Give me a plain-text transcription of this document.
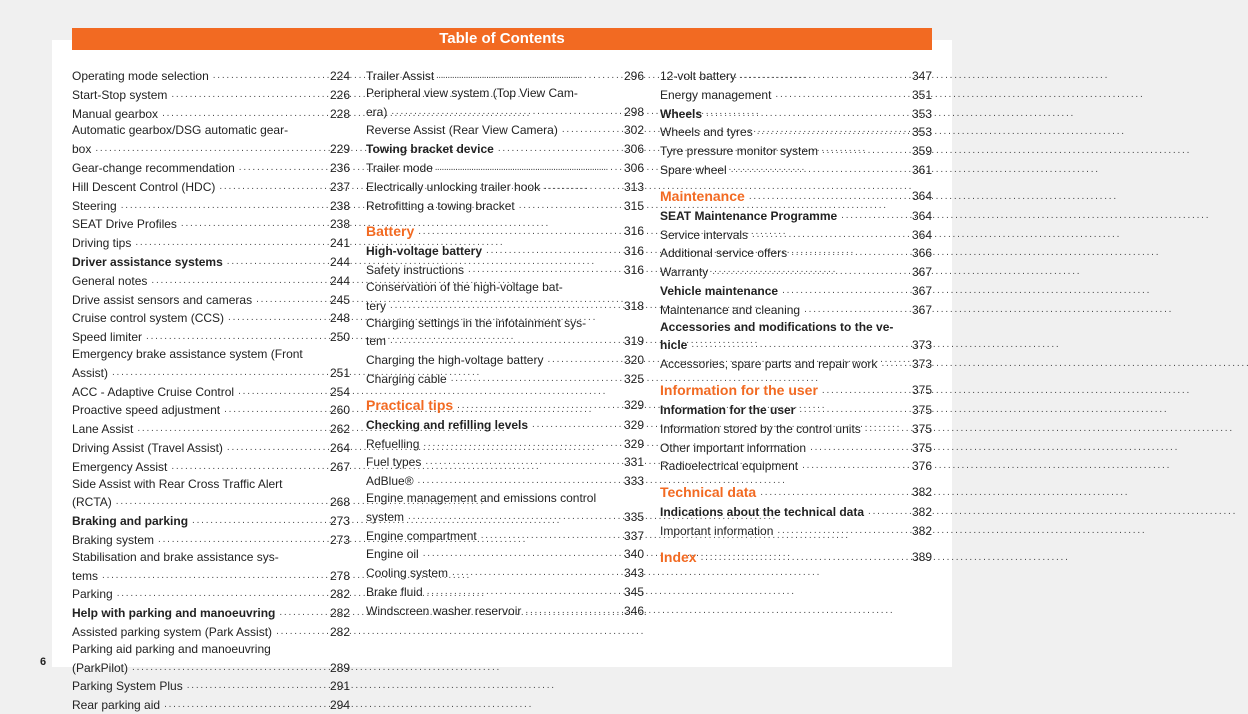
Table of Contents
Operating mode selection . . .	224
Start-Stop system . . .	226
Manual gearbox . . .	228
Automatic gearbox/DSG automatic gear-
box . . .	229
Gear-change recommendation . . .	236
Hill Descent Control (HDC) . . .	237
Steering . . .	238
SEAT Drive Profiles . . .	238
Driving tips . . .	241
Driver assistance systems . . .	244
General notes . . .	244
Drive assist sensors and cameras . . .	245
Cruise control system (CCS) . . .	248
Speed limiter . . .	250
Emergency brake assistance system (Front
Assist) . . .	251
ACC - Adaptive Cruise Control . . .	254
Proactive speed adjustment . . .	260
Lane Assist . . .	262
Driving Assist (Travel Assist) . . .	264
Emergency Assist . . .	267
Side Assist with Rear Cross Traffic Alert
(RCTA) . . .	268
Braking and parking . . .	273
Braking system . . .	273
Stabilisation and brake assistance sys-
tems . . .	278
Parking . . .	282
Help with parking and manoeuvring . . .	282
Assisted parking system (Park Assist) . . .	282
Parking aid parking and manoeuvring
(ParkPilot) . . .	289
Parking System Plus . . .	291
Rear parking aid . . .	294
Trailer Assist . . .	296
Peripheral view system (Top View Cam-
era) . . .	298
Reverse Assist (Rear View Camera) . . .	302
Towing bracket device . . .	306
Trailer mode . . .	306
Electrically unlocking trailer hook . . .	313
Retrofitting a towing bracket . . .	315
Battery . . .	316
High-voltage battery . . .	316
Safety instructions . . .	316
Conservation of the high-voltage bat-
tery . . .	318
Charging settings in the infotainment sys-
tem . . .	319
Charging the high-voltage battery . . .	320
Charging cable . . .	325
Practical tips . . .	329
Checking and refilling levels . . .	329
Refuelling . . .	329
Fuel types . . .	331
AdBlue® . . .	333
Engine management and emissions control
system . . .	335
Engine compartment . . .	337
Engine oil . . .	340
Cooling system . . .	343
Brake fluid . . .	345
Windscreen washer reservoir . . .	346
12-volt battery . . .	347
Energy management . . .	351
Wheels . . .	353
Wheels and tyres . . .	353
Tyre pressure monitor system . . .	359
Spare wheel . . .	361
Maintenance . . .	364
SEAT Maintenance Programme . . .	364
Service intervals . . .	364
Additional service offers . . .	366
Warranty . . .	367
Vehicle maintenance . . .	367
Maintenance and cleaning . . .	367
Accessories and modifications to the ve-
hicle . . .	373
Accessories, spare parts and repair work . . .	373
Information for the user . . .	375
Information for the user . . .	375
Information stored by the control units . . .	375
Other important information . . .	375
Radioelectrical equipment . . .	376
Technical data . . .	382
Indications about the technical data . . .	382
Important information . . .	382
Index . . .	389
6
